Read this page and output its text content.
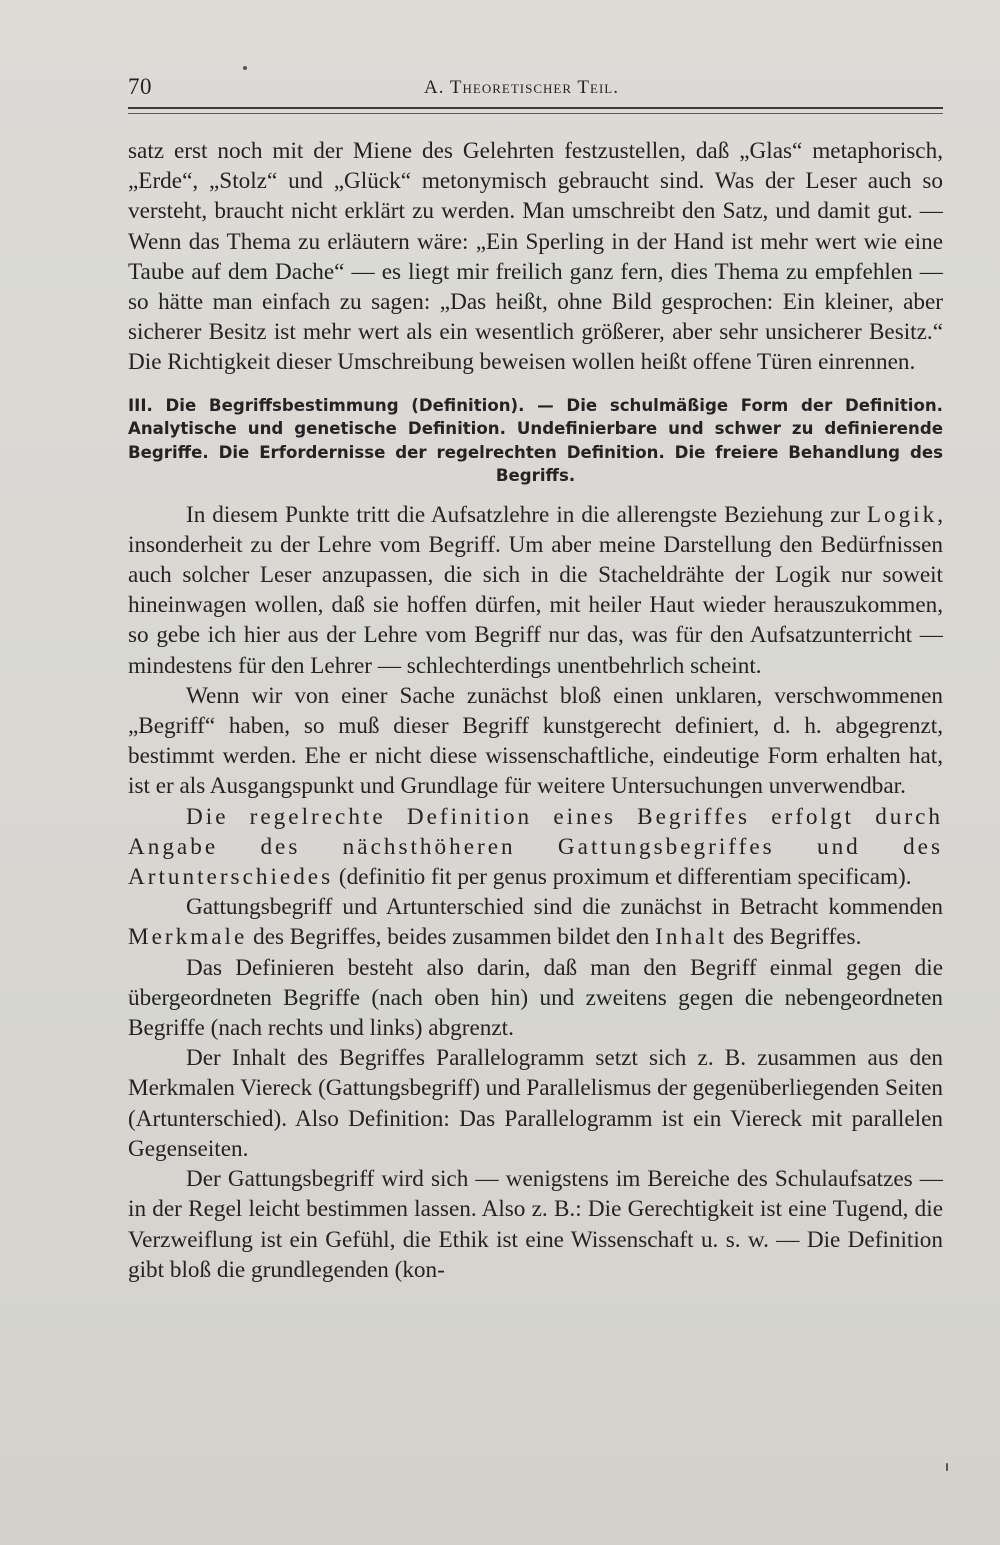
70	A. Theoretischer Teil.

satz erst noch mit der Miene des Gelehrten festzustellen, daß „Glas“ metaphorisch, „Erde“, „Stolz“ und „Glück“ metonymisch gebraucht sind. Was der Leser auch so versteht, braucht nicht erklärt zu werden. Man umschreibt den Satz, und damit gut. — Wenn das Thema zu erläutern wäre: „Ein Sperling in der Hand ist mehr wert wie eine Taube auf dem Dache“ — es liegt mir freilich ganz fern, dies Thema zu empfehlen — so hätte man einfach zu sagen: „Das heißt, ohne Bild gesprochen: Ein kleiner, aber sicherer Besitz ist mehr wert als ein wesentlich größerer, aber sehr unsicherer Besitz.“ Die Richtigkeit dieser Umschreibung beweisen wollen heißt offene Türen einrennen.

III. Die Begriffsbestimmung (Definition). — Die schulmäßige Form der Definition. Analytische und genetische Definition. Undefinierbare und schwer zu definierende Begriffe. Die Erfordernisse der regelrechten Definition. Die freiere Behandlung des Begriffs.

In diesem Punkte tritt die Aufsatzlehre in die allerengste Beziehung zur Logik, insonderheit zu der Lehre vom Begriff. Um aber meine Darstellung den Bedürfnissen auch solcher Leser anzupassen, die sich in die Stacheldrähte der Logik nur soweit hineinwagen wollen, daß sie hoffen dürfen, mit heiler Haut wieder herauszukommen, so gebe ich hier aus der Lehre vom Begriff nur das, was für den Aufsatzunterricht — mindestens für den Lehrer — schlechterdings unentbehrlich scheint.

Wenn wir von einer Sache zunächst bloß einen unklaren, verschwommenen „Begriff“ haben, so muß dieser Begriff kunstgerecht definiert, d. h. abgegrenzt, bestimmt werden. Ehe er nicht diese wissenschaftliche, eindeutige Form erhalten hat, ist er als Ausgangspunkt und Grundlage für weitere Untersuchungen unverwendbar.

Die regelrechte Definition eines Begriffes erfolgt durch Angabe des nächsthöheren Gattungsbegriffes und des Artunterschiedes (definitio fit per genus proximum et differentiam specificam).

Gattungsbegriff und Artunterschied sind die zunächst in Betracht kommenden Merkmale des Begriffes, beides zusammen bildet den Inhalt des Begriffes.

Das Definieren besteht also darin, daß man den Begriff einmal gegen die übergeordneten Begriffe (nach oben hin) und zweitens gegen die nebengeordneten Begriffe (nach rechts und links) abgrenzt.

Der Inhalt des Begriffes Parallelogramm setzt sich z. B. zusammen aus den Merkmalen Viereck (Gattungsbegriff) und Parallelismus der gegenüberliegenden Seiten (Artunterschied). Also Definition: Das Parallelogramm ist ein Viereck mit parallelen Gegenseiten.

Der Gattungsbegriff wird sich — wenigstens im Bereiche des Schulaufsatzes — in der Regel leicht bestimmen lassen. Also z. B.: Die Gerechtigkeit ist eine Tugend, die Verzweiflung ist ein Gefühl, die Ethik ist eine Wissenschaft u. s. w. — Die Definition gibt bloß die grundlegenden (kon-
